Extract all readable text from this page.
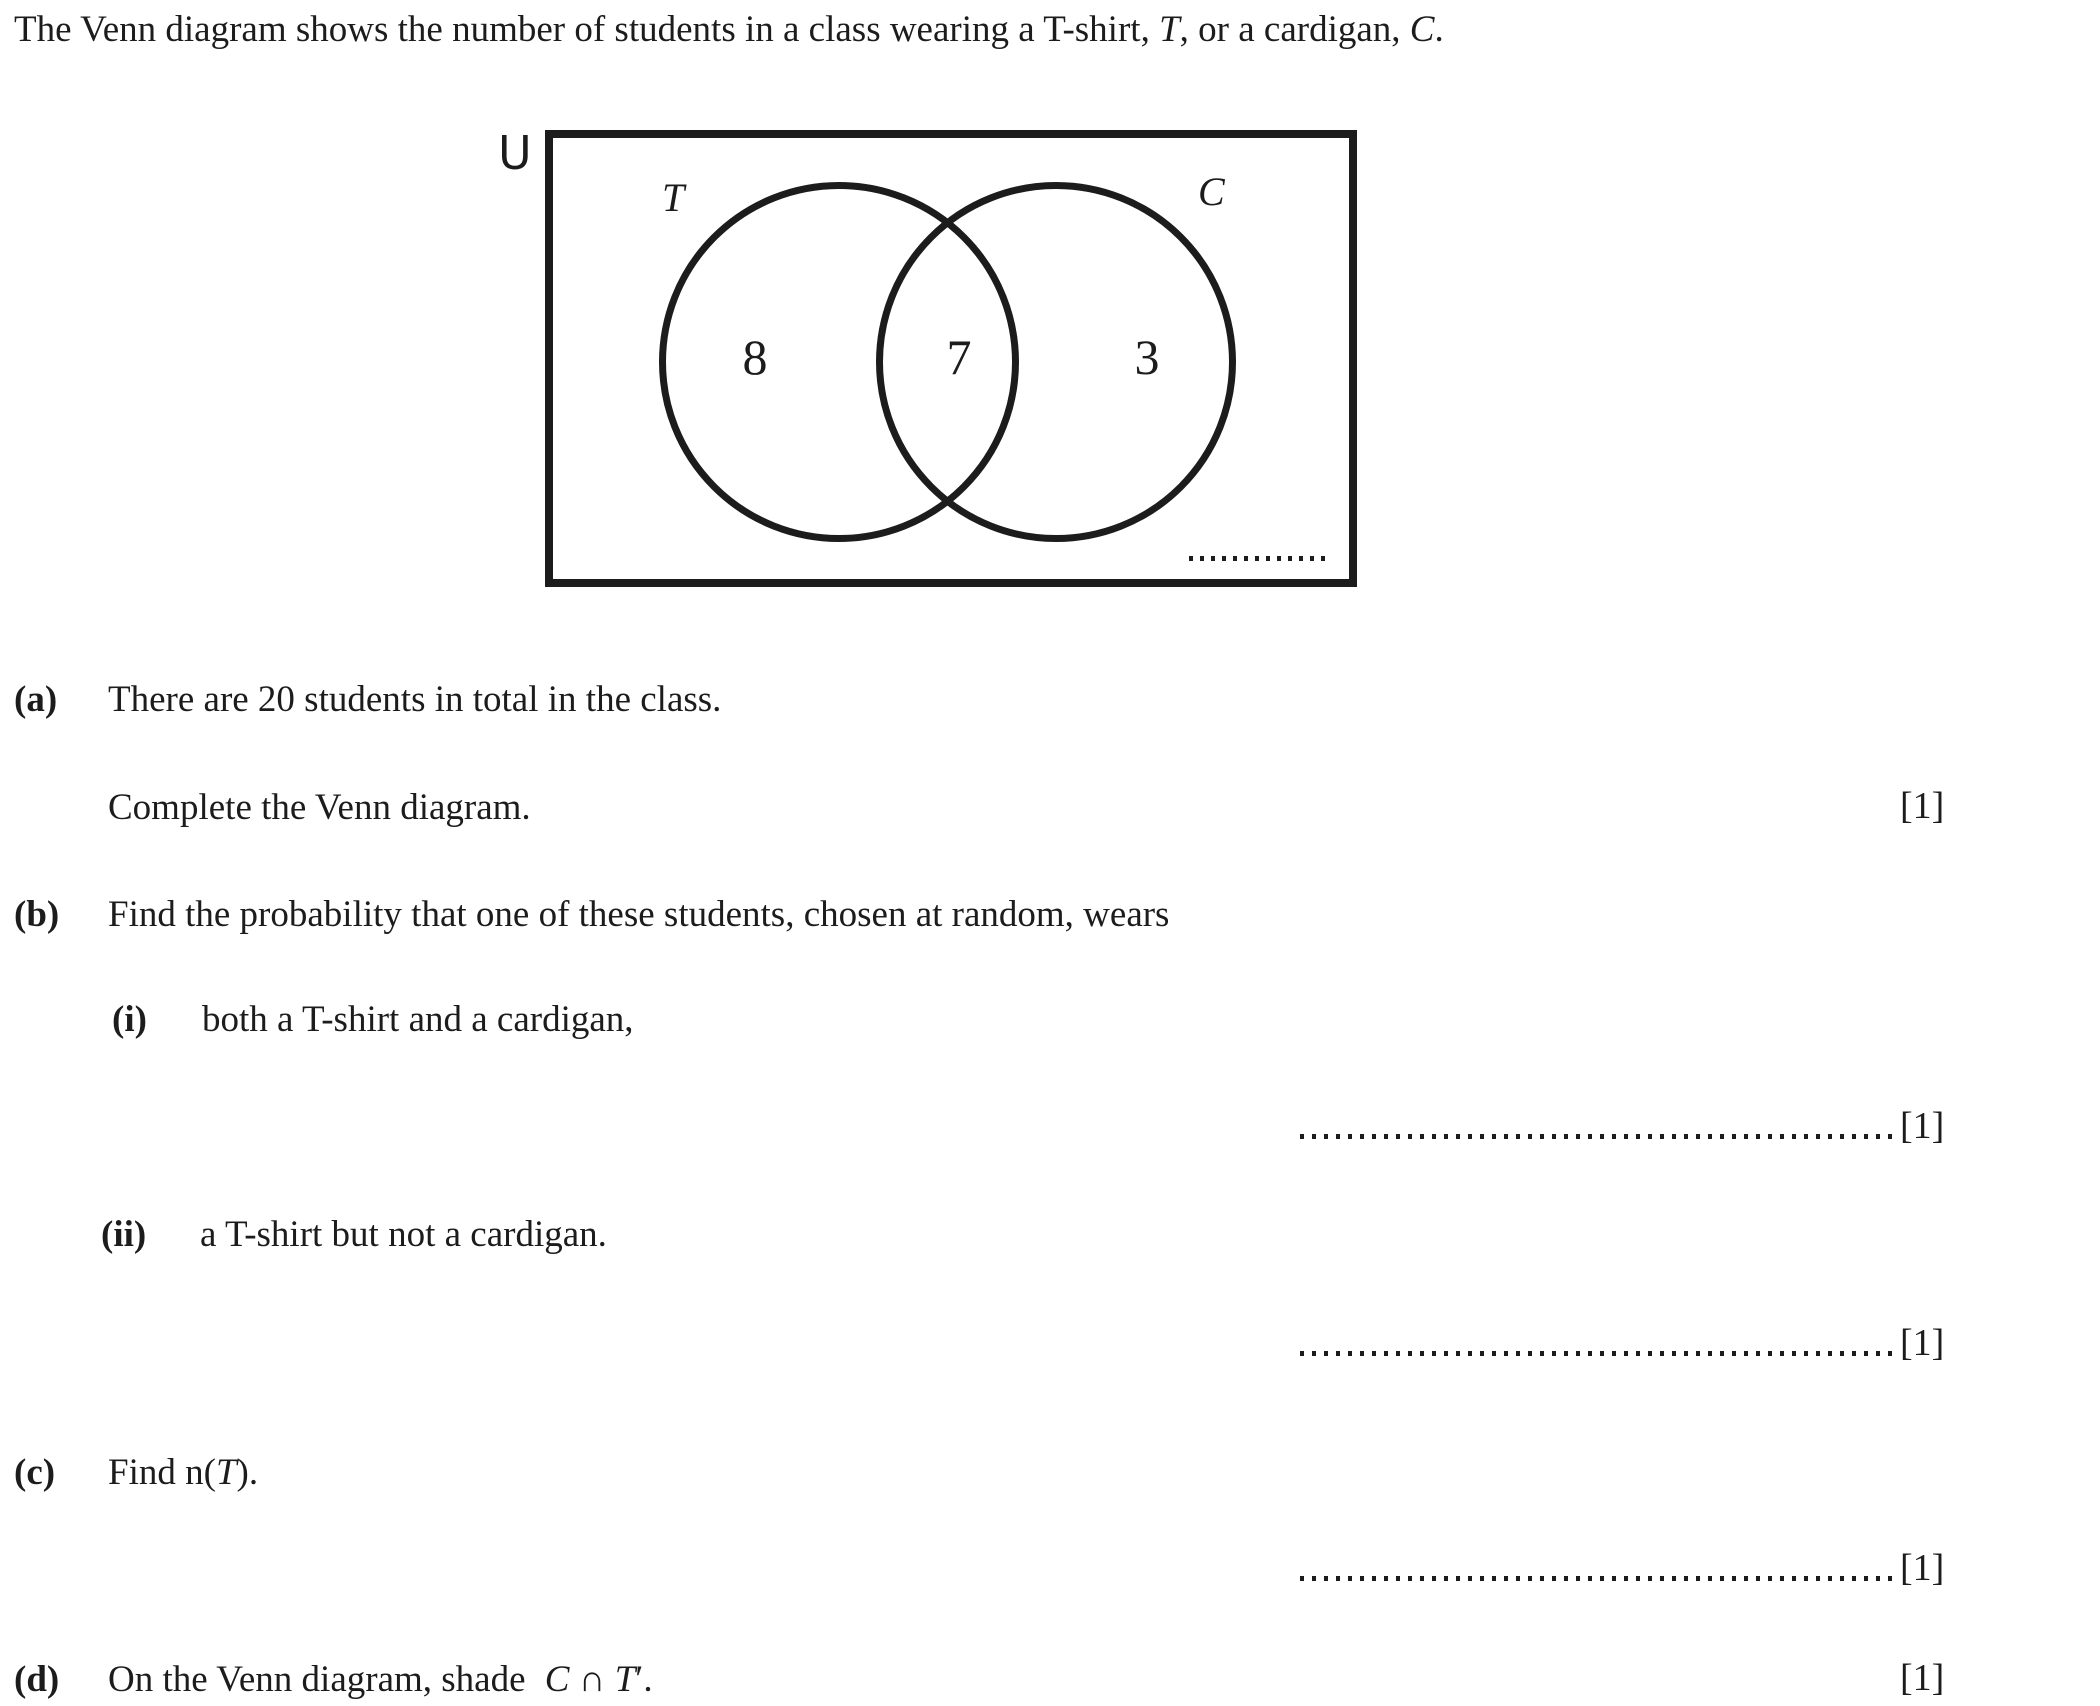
The Venn diagram shows the number of students in a class wearing a T-shirt, T, or a cardigan, C.
U
T	C
8	7	3
(a) There are 20 students in total in the class.
Complete the Venn diagram.	[1]
(b) Find the probability that one of these students, chosen at random, wears
(i) both a T-shirt and a cardigan,
[1]
(ii) a T-shirt but not a cardigan.
[1]
(c) Find n(T).
[1]
(d) On the Venn diagram, shade C ∩ T′.	[1]
